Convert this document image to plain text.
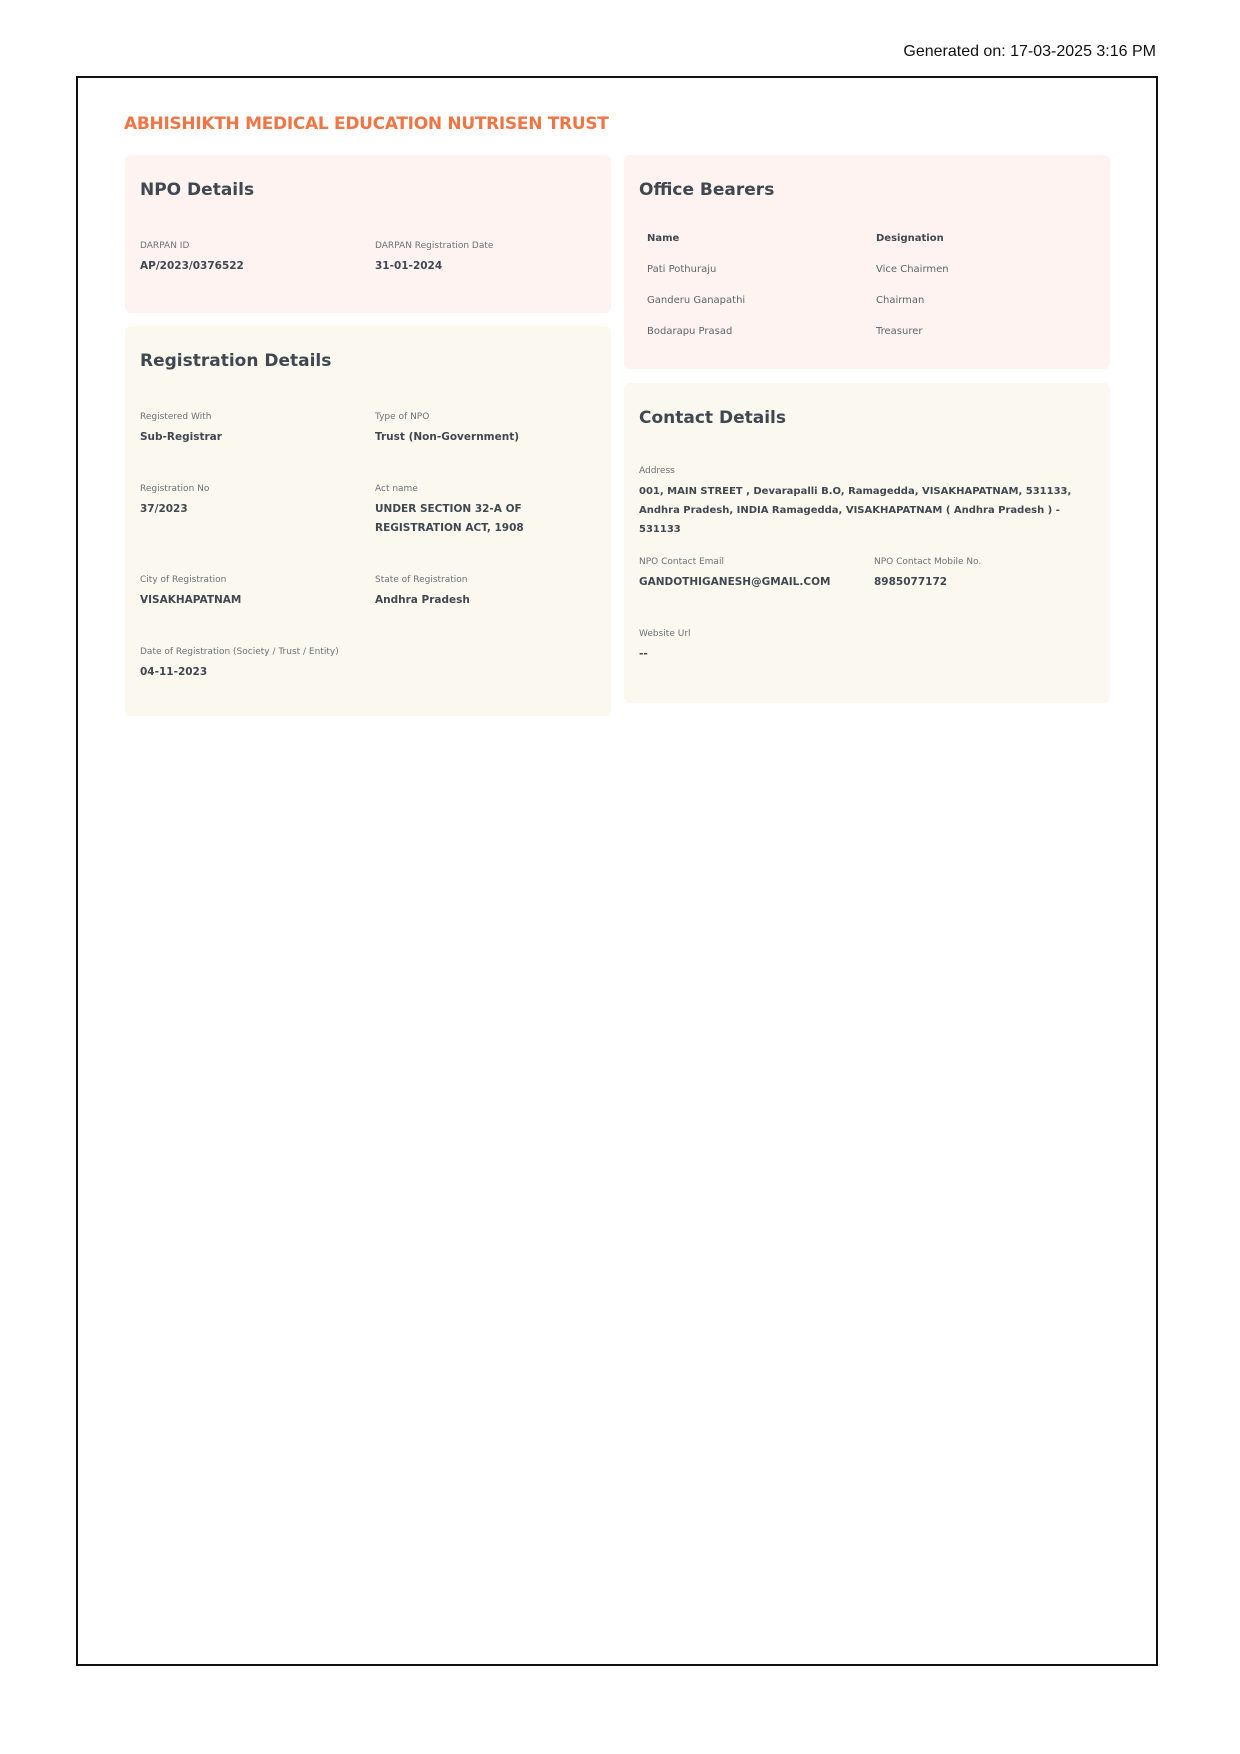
Generated on: 17-03-2025 3:16 PM
ABHISHIKTH MEDICAL EDUCATION NUTRISEN TRUST
NPO Details
DARPAN ID
AP/2023/0376522
DARPAN Registration Date
31-01-2024
Office Bearers
Name	Designation
Pati Pothuraju	Vice Chairmen
Ganderu Ganapathi	Chairman
Bodarapu Prasad	Treasurer
Registration Details
Registered With
Sub-Registrar
Type of NPO
Trust (Non-Government)
Registration No
37/2023
Act name
UNDER SECTION 32-A OF REGISTRATION ACT, 1908
City of Registration
VISAKHAPATNAM
State of Registration
Andhra Pradesh
Date of Registration (Society / Trust / Entity)
04-11-2023
Contact Details
Address
001, MAIN STREET , Devarapalli B.O, Ramagedda, VISAKHAPATNAM, 531133, Andhra Pradesh, INDIA Ramagedda, VISAKHAPATNAM ( Andhra Pradesh ) - 531133
NPO Contact Email
GANDOTHIGANESH@GMAIL.COM
NPO Contact Mobile No.
8985077172
Website Url
--
